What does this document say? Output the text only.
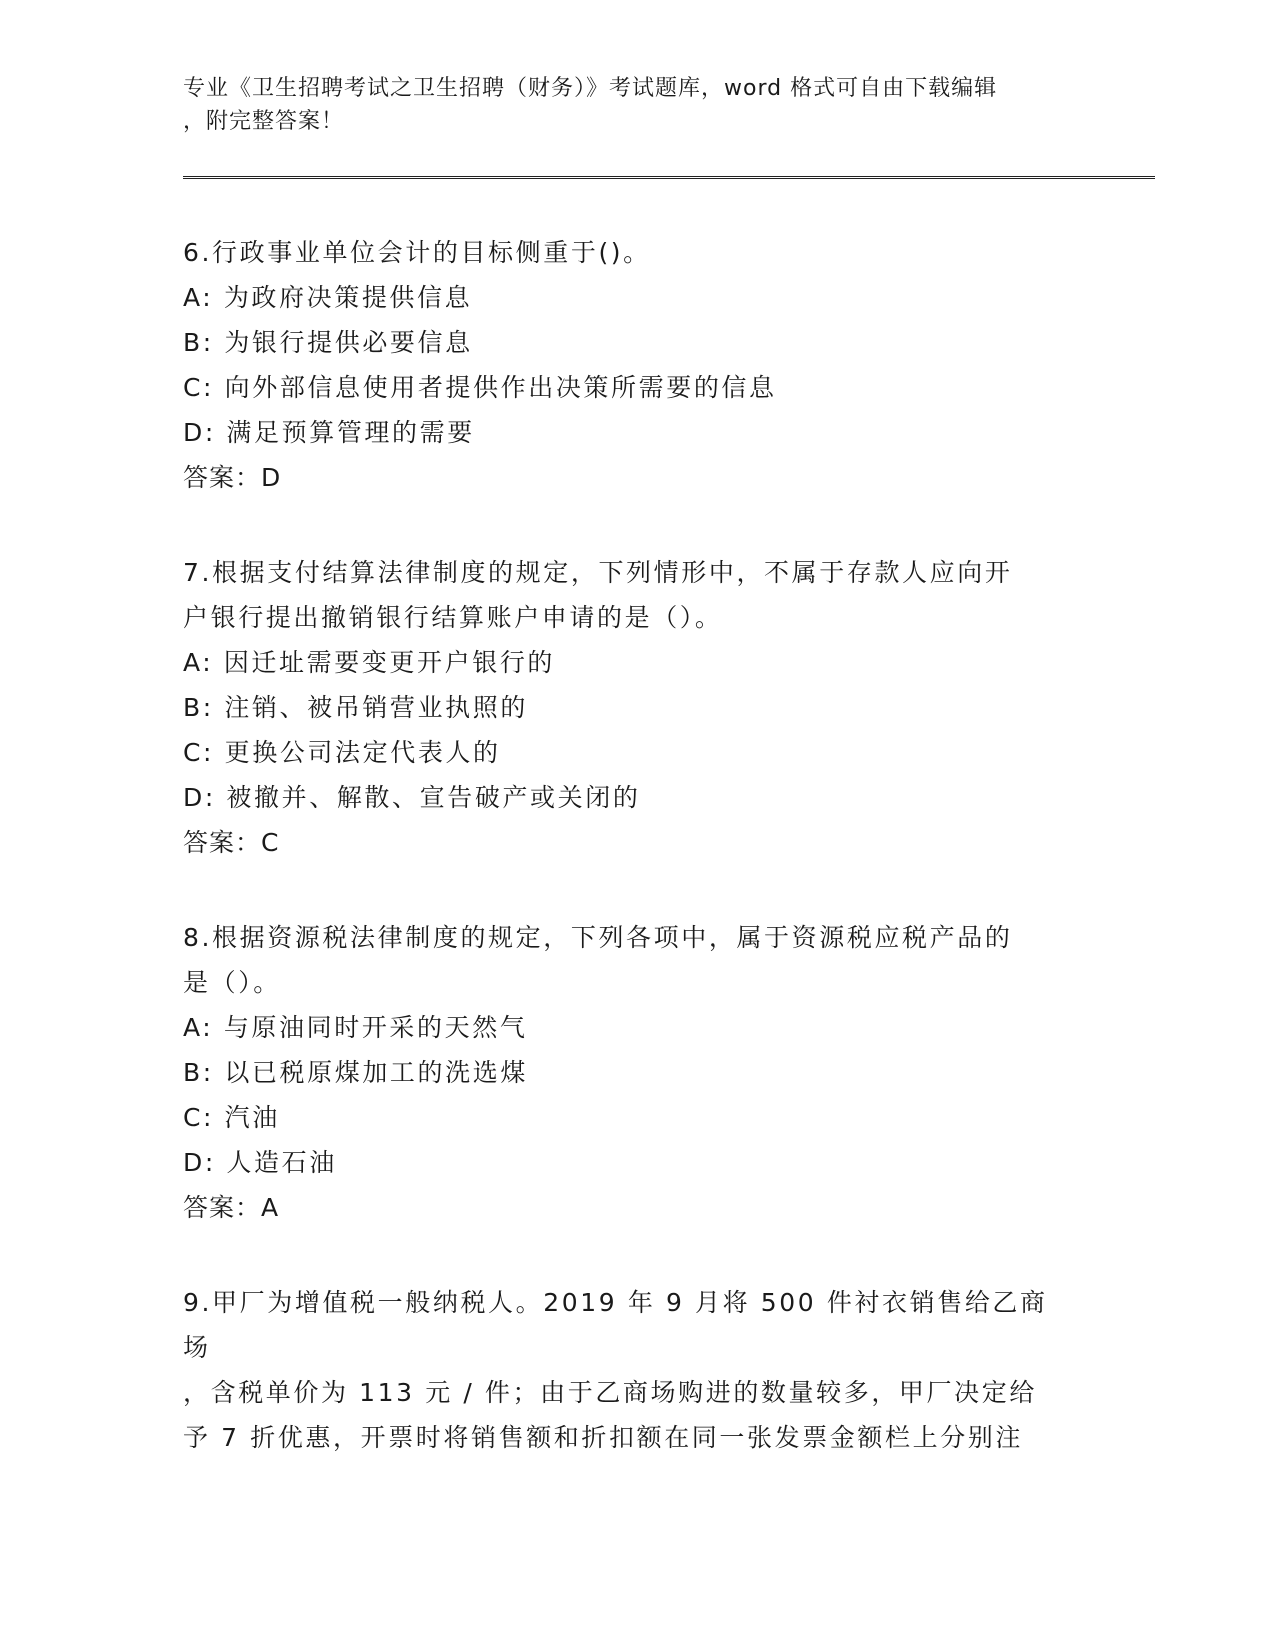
专业《卫生招聘考试之卫生招聘（财务）》考试题库，word 格式可自由下载编辑
，附完整答案！

6.行政事业单位会计的目标侧重于()。

A: 为政府决策提供信息

B: 为银行提供必要信息

C: 向外部信息使用者提供作出决策所需要的信息

D: 满足预算管理的需要

答案：D

7.根据支付结算法律制度的规定，下列情形中，不属于存款人应向开

户银行提出撤销银行结算账户申请的是（）。

A: 因迁址需要变更开户银行的

B: 注销、被吊销营业执照的

C: 更换公司法定代表人的

D: 被撤并、解散、宣告破产或关闭的

答案：C

8.根据资源税法律制度的规定，下列各项中，属于资源税应税产品的

是（）。

A: 与原油同时开采的天然气

B: 以已税原煤加工的洗选煤

C: 汽油

D: 人造石油

答案：A

9.甲厂为增值税一般纳税人。2019 年 9 月将 500 件衬衣销售给乙商场

，含税单价为 113 元 / 件；由于乙商场购进的数量较多，甲厂决定给

予 7 折优惠，开票时将销售额和折扣额在同一张发票金额栏上分别注
